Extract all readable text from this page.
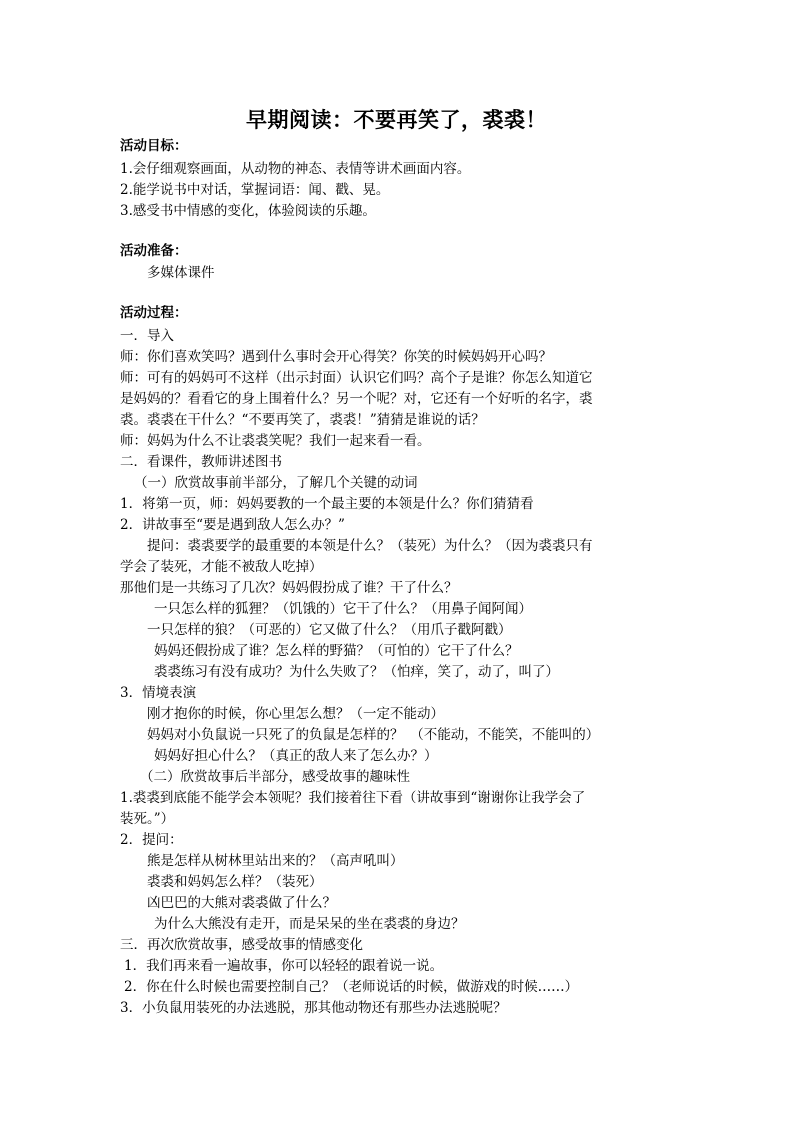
早期阅读：不要再笑了，裘裘！
活动目标：
1.会仔细观察画面，从动物的神态、表情等讲术画面内容。
2.能学说书中对话，掌握词语：闻、戳、晃。
3.感受书中情感的变化，体验阅读的乐趣。
活动准备：
多媒体课件
活动过程：
一．导入
师：你们喜欢笑吗？遇到什么事时会开心得笑？你笑的时候妈妈开心吗？
师：可有的妈妈可不这样（出示封面）认识它们吗？高个子是谁？你怎么知道它
是妈妈的？看看它的身上围着什么？另一个呢？对，它还有一个好听的名字，裘
裘。裘裘在干什么？“不要再笑了，裘裘！”猜猜是谁说的话？
师：妈妈为什么不让裘裘笑呢？我们一起来看一看。
二．看课件，教师讲述图书
（一）欣赏故事前半部分，了解几个关键的动词
1．将第一页，师：妈妈要教的一个最主要的本领是什么？你们猜猜看
2．讲故事至“要是遇到敌人怎么办？”
提问：裘裘要学的最重要的本领是什么？（装死）为什么？（因为裘裘只有
学会了装死，才能不被敌人吃掉）
那他们是一共练习了几次？妈妈假扮成了谁？干了什么？
一只怎么样的狐狸？（饥饿的）它干了什么？（用鼻子闻阿闻）
一只怎样的狼？（可恶的）它又做了什么？（用爪子戳阿戳）
妈妈还假扮成了谁？怎么样的野猫？（可怕的）它干了什么？
裘裘练习有没有成功？为什么失败了？（怕痒，笑了，动了，叫了）
3．情境表演
刚才抱你的时候，你心里怎么想？（一定不能动）
妈妈对小负鼠说一只死了的负鼠是怎样的？　（不能动，不能笑，不能叫的）
妈妈好担心什么？（真正的敌人来了怎么办？）
（二）欣赏故事后半部分，感受故事的趣味性
1.裘裘到底能不能学会本领呢？我们接着往下看（讲故事到“谢谢你让我学会了
装死。”）
2．提问：
熊是怎样从树林里站出来的？（高声吼叫）
裘裘和妈妈怎么样？（装死）
凶巴巴的大熊对裘裘做了什么？
为什么大熊没有走开，而是呆呆的坐在裘裘的身边？
三．再次欣赏故事，感受故事的情感变化
1．我们再来看一遍故事，你可以轻轻的跟着说一说。
2．你在什么时候也需要控制自己？（老师说话的时候，做游戏的时候……）
3．小负鼠用装死的办法逃脱，那其他动物还有那些办法逃脱呢？
